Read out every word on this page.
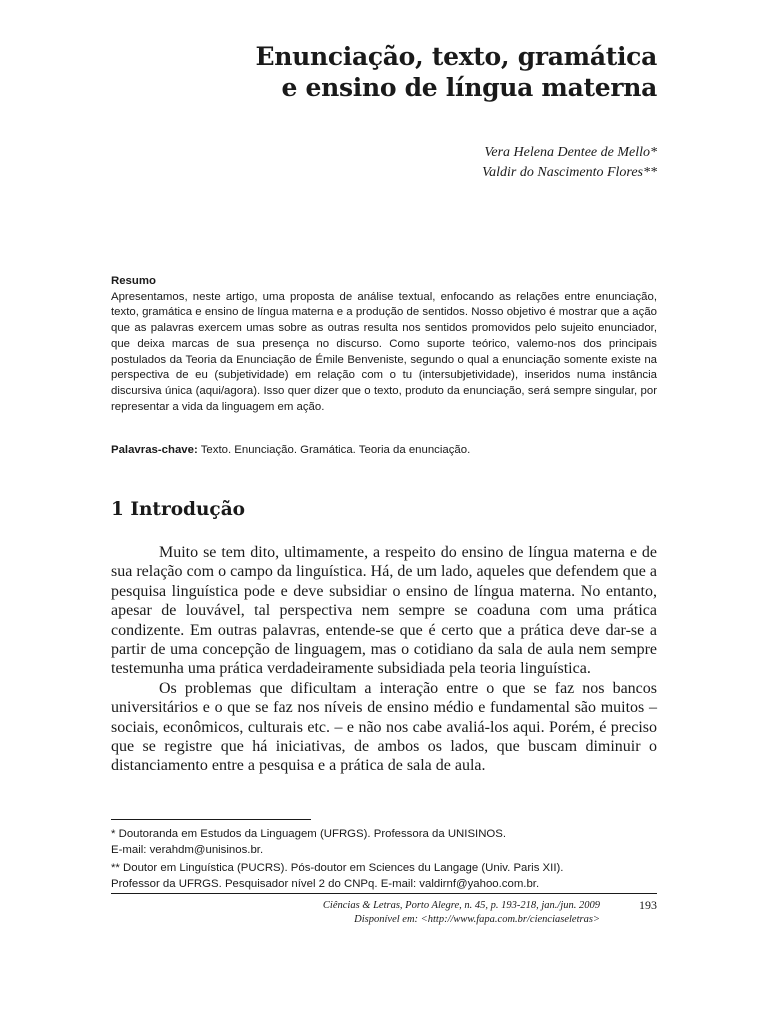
Enunciação, texto, gramática
e ensino de língua materna
Vera Helena Dentee de Mello*
Valdir do Nascimento Flores**
Resumo
Apresentamos, neste artigo, uma proposta de análise textual, enfocando as relações entre enunciação, texto, gramática e ensino de língua materna e a produção de sentidos. Nosso objetivo é mostrar que a ação que as palavras exercem umas sobre as outras resulta nos sentidos promovidos pelo sujeito enunciador, que deixa marcas de sua presença no discurso. Como suporte teórico, valemo-nos dos principais postulados da Teoria da Enunciação de Émile Benveniste, segundo o qual a enunciação somente existe na perspectiva de eu (subjetividade) em relação com o tu (intersubjetividade), inseridos numa instância discursiva única (aqui/agora). Isso quer dizer que o texto, produto da enunciação, será sempre singular, por representar a vida da linguagem em ação.
Palavras-chave: Texto. Enunciação. Gramática. Teoria da enunciação.
1 Introdução

Muito se tem dito, ultimamente, a respeito do ensino de língua materna e de sua relação com o campo da linguística. Há, de um lado, aqueles que defendem que a pesquisa linguística pode e deve subsidiar o ensino de língua materna. No entanto, apesar de louvável, tal perspectiva nem sempre se coaduna com uma prática condizente. Em outras palavras, entende-se que é certo que a prática deve dar-se a partir de uma concepção de linguagem, mas o cotidiano da sala de aula nem sempre testemunha uma prática verdadeiramente subsidiada pela teoria linguística.

Os problemas que dificultam a interação entre o que se faz nos bancos universitários e o que se faz nos níveis de ensino médio e fundamental são muitos – sociais, econômicos, culturais etc. – e não nos cabe avaliá-los aqui. Porém, é preciso que se registre que há iniciativas, de ambos os lados, que buscam diminuir o distanciamento entre a pesquisa e a prática de sala de aula.

* Doutoranda em Estudos da Linguagem (UFRGS). Professora da UNISINOS.
E-mail: verahdm@unisinos.br.
** Doutor em Linguística (PUCRS). Pós-doutor em Sciences du Langage (Univ. Paris XII).
Professor da UFRGS. Pesquisador nível 2 do CNPq. E-mail: valdirnf@yahoo.com.br.
Ciências & Letras, Porto Alegre, n. 45, p. 193-218, jan./jun. 2009
Disponível em: <http://www.fapa.com.br/cienciaseletras>
193
